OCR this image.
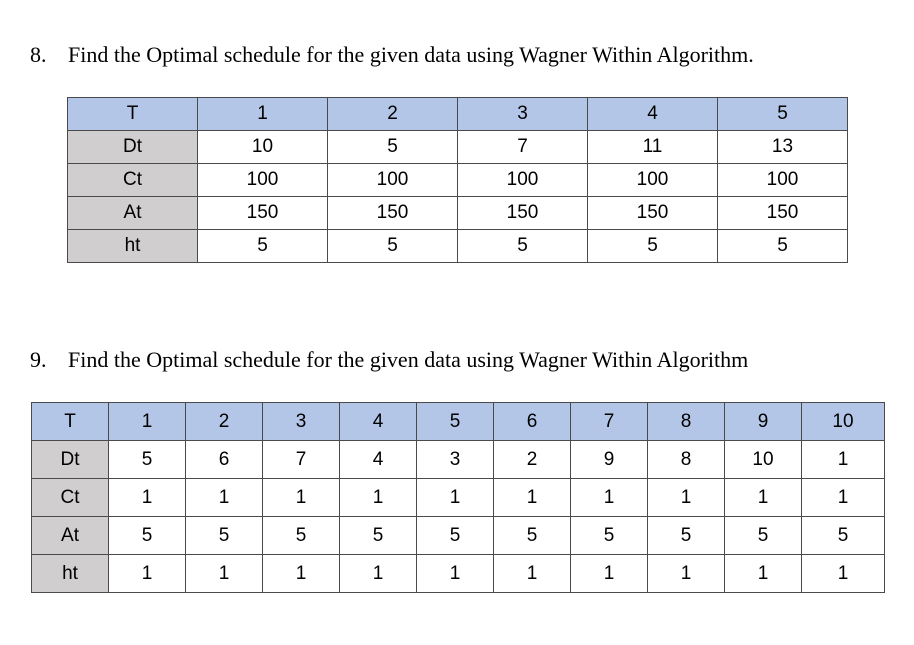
8. Find the Optimal schedule for the given data using Wagner Within Algorithm.

T	1	2	3	4	5
Dt	10	5	7	11	13
Ct	100	100	100	100	100
At	150	150	150	150	150
ht	5	5	5	5	5

9. Find the Optimal schedule for the given data using Wagner Within Algorithm

T	1	2	3	4	5	6	7	8	9	10
Dt	5	6	7	4	3	2	9	8	10	1
Ct	1	1	1	1	1	1	1	1	1	1
At	5	5	5	5	5	5	5	5	5	5
ht	1	1	1	1	1	1	1	1	1	1
